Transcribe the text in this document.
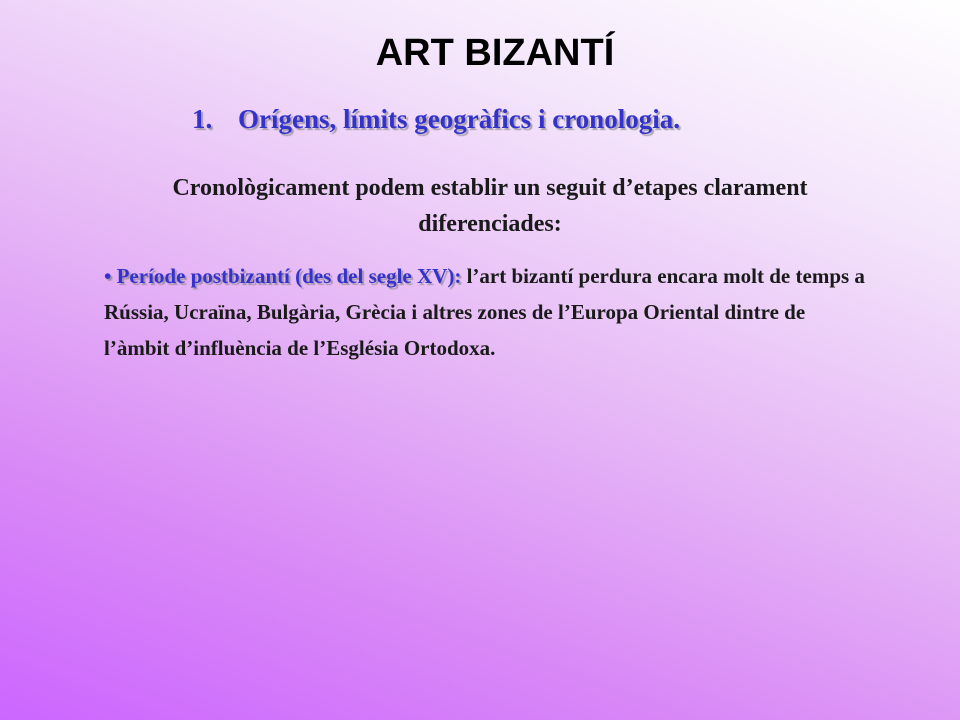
ART BIZANTÍ
1. Orígens, límits geogràfics i cronologia.

Cronològicament podem establir un seguit d’etapes clarament diferenciades:

• Període postbizantí (des del segle XV): l’art bizantí perdura encara molt de temps a Rússia, Ucraïna, Bulgària, Grècia i altres zones de l’Europa Oriental dintre de l’àmbit d’influència de l’Església Ortodoxa.
